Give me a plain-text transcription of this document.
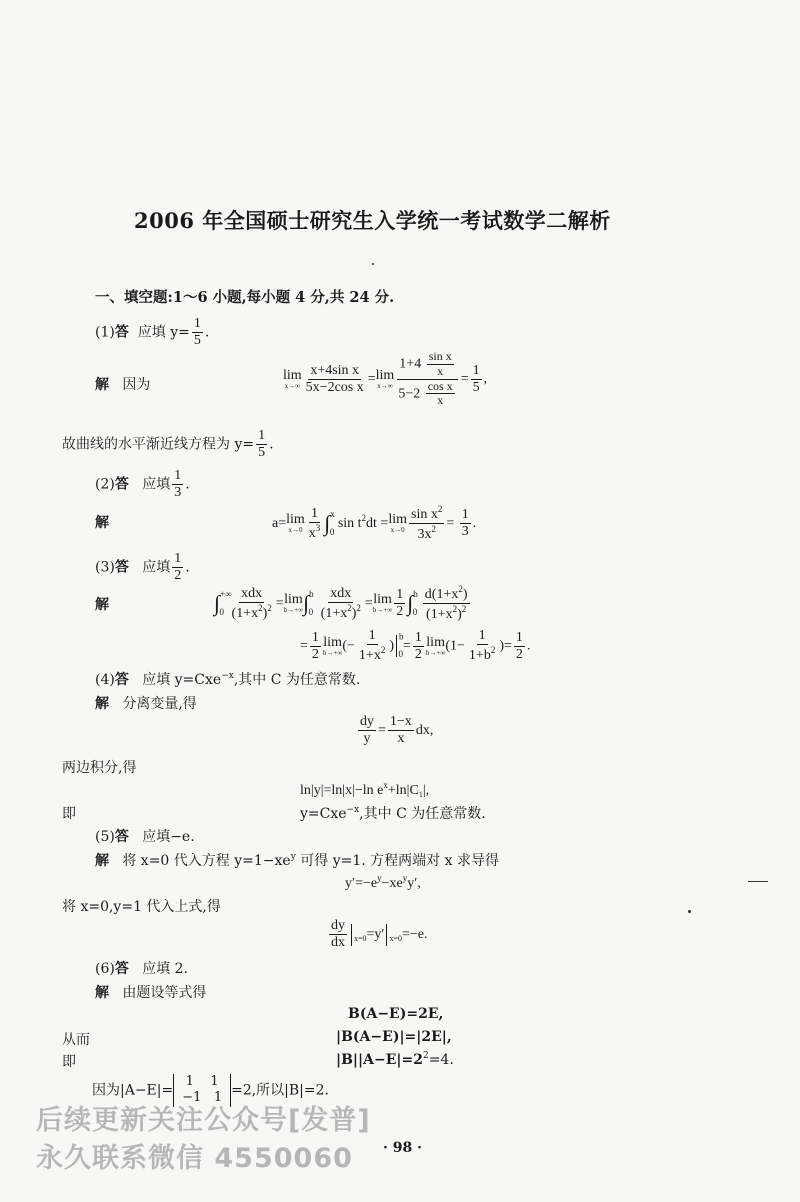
2006 年全国硕士研究生入学统一考试数学二解析
一、填空题:1～6 小题,每小题 4 分,共 24 分.
(1)答 应填 $y= \frac{1}{5}$ .
解 因为
lim
$x\to\infty \frac{\text{x+4sin x}}{\text{5x−2cos x}} = \lim$
$x\to\infty \frac{1+4 \frac{\text{sin x}}{x}}{5-2 \frac{\text{cos x}}{x}} = \frac{1}{5}$ ,
故曲线的水平渐近线方程为 $y= \frac{1}{5}$ .
(2)答 应填 $\frac{1}{3}$ .
解	a= lim
$x\to 0 \frac{1}{x^3} \int^x_0$ $\sin t^2dt = \lim$
$x\to 0 \frac{\sin x^2}{3x^2} = \frac{1}{3}$ .
(3)答 应填 $\frac{1}{2}$ .
解	$\int^{+\infty}_0 \frac{\text{xdx}}{(1+x^2)^2} = \lim$
b→+∞ $\int^b_0 \frac{\text{xdx}}{(1+x^2)^2} = \lim$
$b\to+\infty \frac{1}{2} \int^b_0 \frac{d(1+x^2)}{(1+x^2)^2}$
= $\frac{1}{2}$ lim
b→+∞ (− $\frac{1}{1+x^2} )^b_0= \frac{1}{2}$ lim
b→+∞ ($1- \frac{1}{1+b^2}$ )= $\frac{1}{2}$ .
(4)答 应填 y=Cxe$^{-x}$,其中 C 为任意常数.
解 分离变量,得
$\frac{dy}{y} = \frac{1-x}{x}$ dx,
两边积分,得
ln|y|=ln|x|−ln $e^x+\ln|C_1|$,
即	y=Cxe$^{-x}$,其中 C 为任意常数.
(5)答 应填−e.
解 将 x=0 代入方程 $y=1-xe^y$ 可得 y=1. 方程两端对 x 求导得
$y'=-e^y-xe^yy'$,
将 x=0,y=1 代入上式,得
$\frac{dy}{dx} _{x=0}=y'$ $_{x=0}$=−e.
(6)答 应填 2.
解 由题设等式得
B(A−E)=2E,
从而	|B(A−E)|=|2E|,
即	$|B||A-E|=2^2=4$.
因为|A−E|=1 1
−1 1 =2,所以|B|=2.
后续更新关注公众号[发普]
永久联系微信 4550060 · 98 ·
